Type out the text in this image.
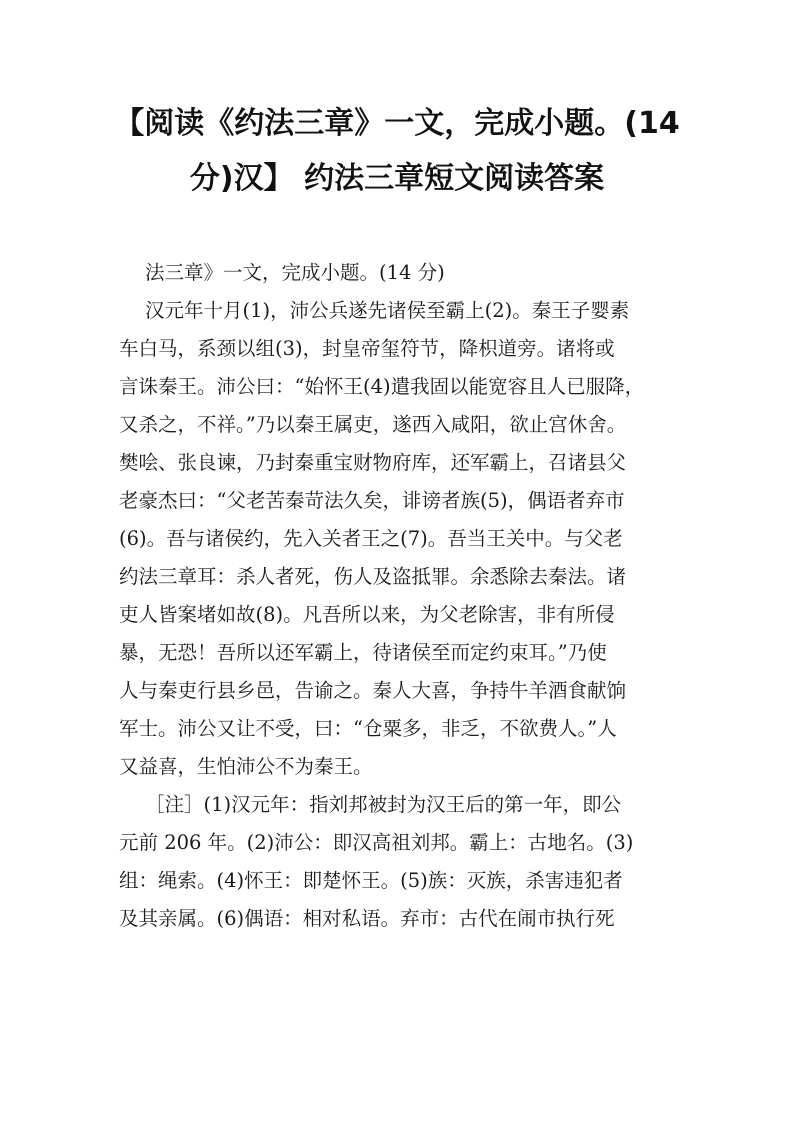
【阅读《约法三章》一文，完成小题。(14
分)汉】 约法三章短文阅读答案

法三章》一文，完成小题。(14 分)

汉元年十月(1)，沛公兵遂先诸侯至霸上(2)。秦王子婴素

车白马，系颈以组(3)，封皇帝玺符节，降枳道旁。诸将或

言诛秦王。沛公曰：“始怀王(4)遣我固以能宽容且人已服降，

又杀之，不祥。”乃以秦王属吏，遂西入咸阳，欲止宫休舍。

樊哙、张良谏，乃封秦重宝财物府库，还军霸上，召诸县父

老豪杰曰：“父老苦秦苛法久矣，诽谤者族(5)，偶语者弃市

(6)。吾与诸侯约，先入关者王之(7)。吾当王关中。与父老

约法三章耳：杀人者死，伤人及盗抵罪。余悉除去秦法。诸

吏人皆案堵如故(8)。凡吾所以来，为父老除害，非有所侵

暴，无恐！吾所以还军霸上，待诸侯至而定约束耳。”乃使

人与秦吏行县乡邑，告谕之。秦人大喜，争持牛羊酒食献饷

军士。沛公又让不受，曰：“仓粟多，非乏，不欲费人。”人

又益喜，生怕沛公不为秦王。

［注］(1)汉元年：指刘邦被封为汉王后的第一年，即公

元前 206 年。(2)沛公：即汉高祖刘邦。霸上：古地名。(3)

组：绳索。(4)怀王：即楚怀王。(5)族：灭族，杀害违犯者

及其亲属。(6)偶语：相对私语。弃市：古代在闹市执行死
